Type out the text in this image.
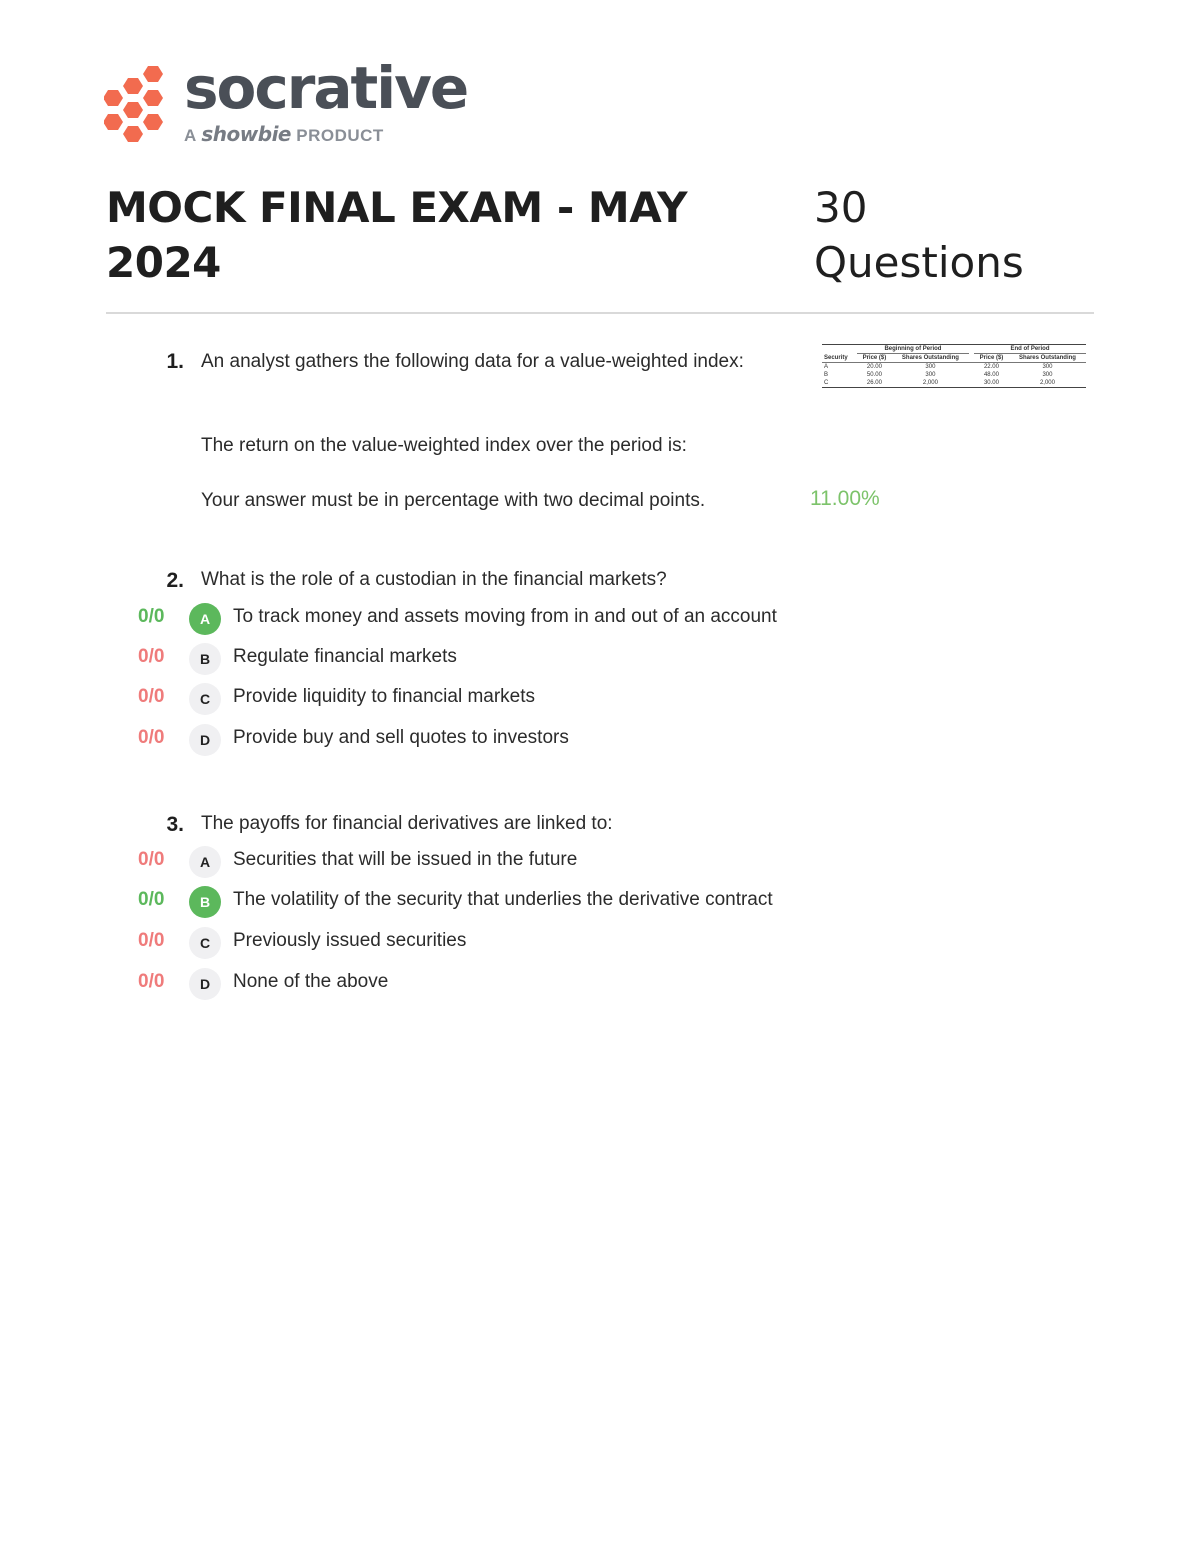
socrative
A showbie PRODUCT
MOCK FINAL EXAM - MAY
2024
30
Questions
1. An analyst gathers the following data for a value-weighted index:
	Beginning of Period			End of Period	
Security	Price ($)	Shares Outstanding		Price ($)	Shares Outstanding
A	20.00	300		22.00	300
B	50.00	300		48.00	300
C	26.00	2,000		30.00	2,000
The return on the value-weighted index over the period is:
Your answer must be in percentage with two decimal points.	11.00%
2. What is the role of a custodian in the financial markets?
0/0	A	To track money and assets moving from in and out of an account
0/0	B	Regulate financial markets
0/0	C	Provide liquidity to financial markets
0/0	D	Provide buy and sell quotes to investors
3. The payoffs for financial derivatives are linked to:
0/0	A	Securities that will be issued in the future
0/0	B	The volatility of the security that underlies the derivative contract
0/0	C	Previously issued securities
0/0	D	None of the above
